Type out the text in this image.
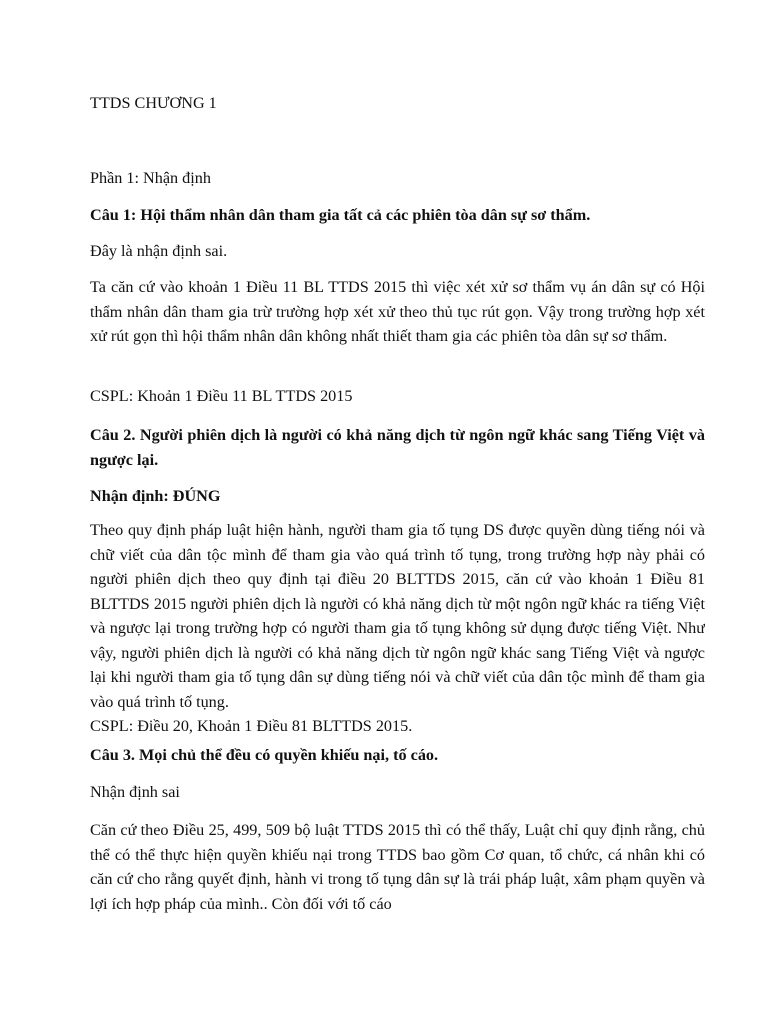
TTDS CHƯƠNG 1

Phần 1: Nhận định

Câu 1: Hội thẩm nhân dân tham gia tất cả các phiên tòa dân sự sơ thẩm.

Đây là nhận định sai.

Ta căn cứ vào khoản 1 Điều 11 BL TTDS 2015 thì việc xét xử sơ thẩm vụ án dân sự có Hội thẩm nhân dân tham gia trừ trường hợp xét xử theo thủ tục rút gọn. Vậy trong trường hợp xét xử rút gọn thì hội thẩm nhân dân không nhất thiết tham gia các phiên tòa dân sự sơ thẩm.

CSPL: Khoản 1 Điều 11 BL TTDS 2015

Câu 2. Người phiên dịch là người có khả năng dịch từ ngôn ngữ khác sang Tiếng Việt và ngược lại.

Nhận định: ĐÚNG

Theo quy định pháp luật hiện hành, người tham gia tố tụng DS được quyền dùng tiếng nói và chữ viết của dân tộc mình để tham gia vào quá trình tố tụng, trong trường hợp này phải có người phiên dịch theo quy định tại điều 20 BLTTDS 2015, căn cứ vào khoản 1 Điều 81 BLTTDS 2015 người phiên dịch là người có khả năng dịch từ một ngôn ngữ khác ra tiếng Việt và ngược lại trong trường hợp có người tham gia tố tụng không sử dụng được tiếng Việt. Như vậy, người phiên dịch là người có khả năng dịch từ ngôn ngữ khác sang Tiếng Việt và ngược lại khi người tham gia tố tụng dân sự dùng tiếng nói và chữ viết của dân tộc mình để tham gia vào quá trình tố tụng.

CSPL: Điều 20, Khoản 1 Điều 81 BLTTDS 2015.

Câu 3. Mọi chủ thể đều có quyền khiếu nại, tố cáo.

Nhận định sai

Căn cứ theo Điều 25, 499, 509 bộ luật TTDS 2015 thì có thể thấy, Luật chỉ quy định rằng, chủ thể có thể thực hiện quyền khiếu nại trong TTDS bao gồm Cơ quan, tổ chức, cá nhân khi có căn cứ cho rằng quyết định, hành vi trong tố tụng dân sự là trái pháp luật, xâm phạm quyền và lợi ích hợp pháp của mình.. Còn đối với tố cáo
